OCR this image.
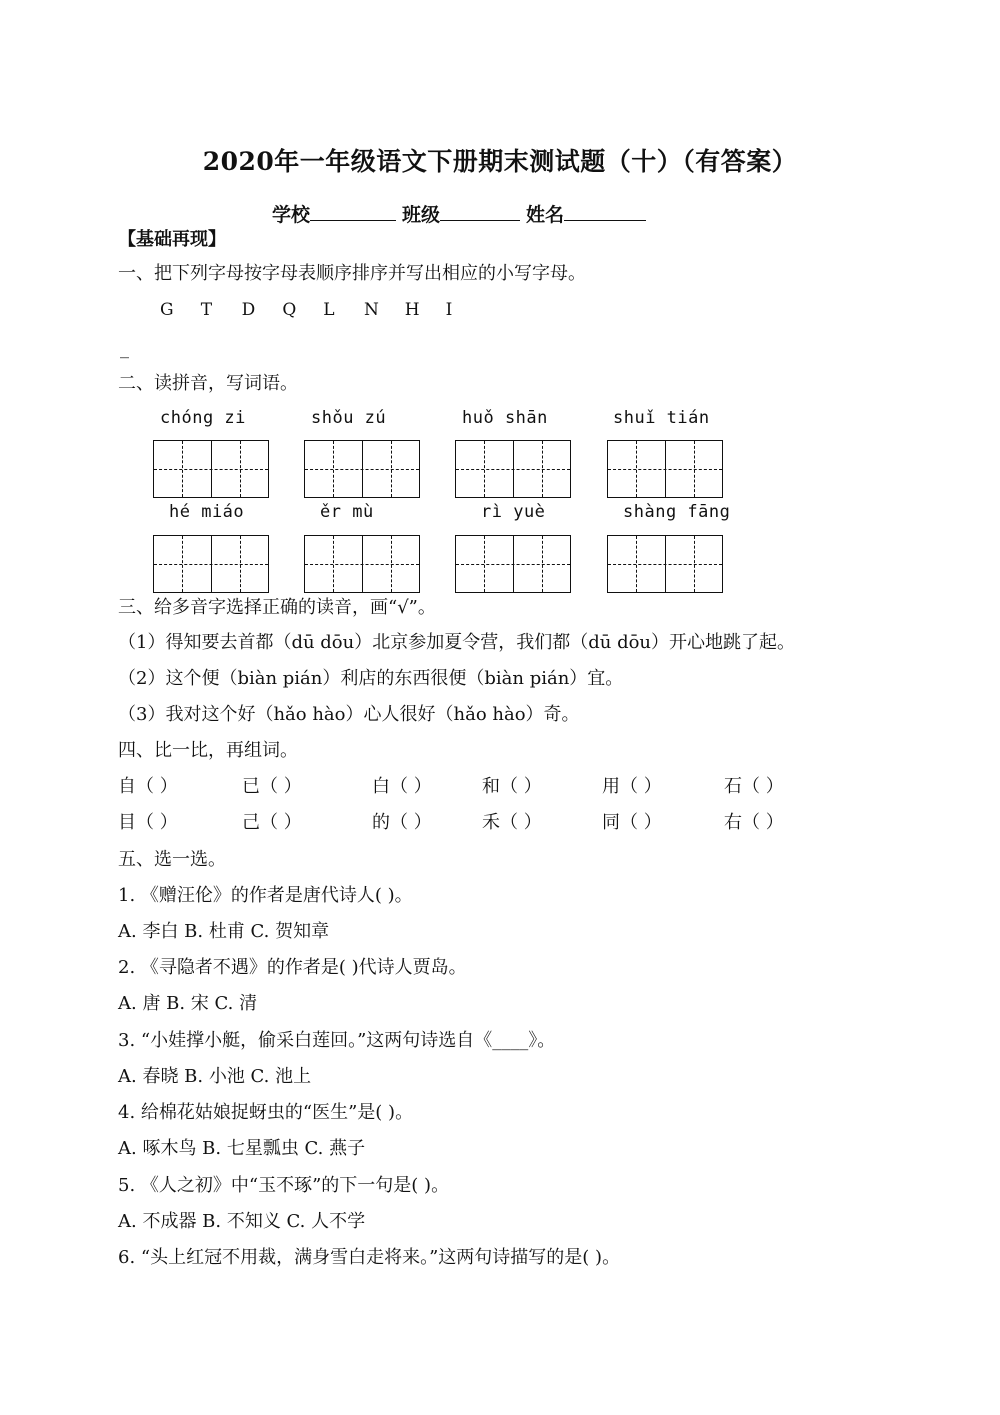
2020年一年级语文下册期末测试题（十）（有答案）
学校	班级	姓名
【基础再现】
一、把下列字母按字母表顺序排序并写出相应的小写字母。
G	T	D	Q	L	N	H	I
_
二、读拼音，写词语。
chóng zi	shǒu zú	huǒ shān	shuǐ tián
hé miáo	ěr mù	rì yuè	shàng fāng
三、给多音字选择正确的读音，画“√”。
（1）得知要去首都（dū dōu）北京参加夏令营，我们都（dū dōu）开心地跳了起。
（2）这个便（biàn pián）利店的东西很便（biàn pián）宜。
（3）我对这个好（hǎo hào）心人很好（hǎo hào）奇。
四、比一比，再组词。
自（ ）	已（ ）	白（ ）	和（ ）	用（ ）	石（ ）
目（ ）	己（ ）	的（ ）	禾（ ）	同（ ）	右（ ）
五、选一选。
1. 《赠汪伦》的作者是唐代诗人( )。
A. 李白 B. 杜甫 C. 贺知章
2. 《寻隐者不遇》的作者是( )代诗人贾岛。
A. 唐 B. 宋 C. 清
3. “小娃撑小艇，偷采白莲回。”这两句诗选自《____》。
A. 春晓 B. 小池 C. 池上
4. 给棉花姑娘捉蚜虫的“医生”是( )。
A. 啄木鸟 B. 七星瓢虫 C. 燕子
5. 《人之初》中“玉不琢”的下一句是( )。
A. 不成器 B. 不知义 C. 人不学
6. “头上红冠不用裁，满身雪白走将来。”这两句诗描写的是( )。
